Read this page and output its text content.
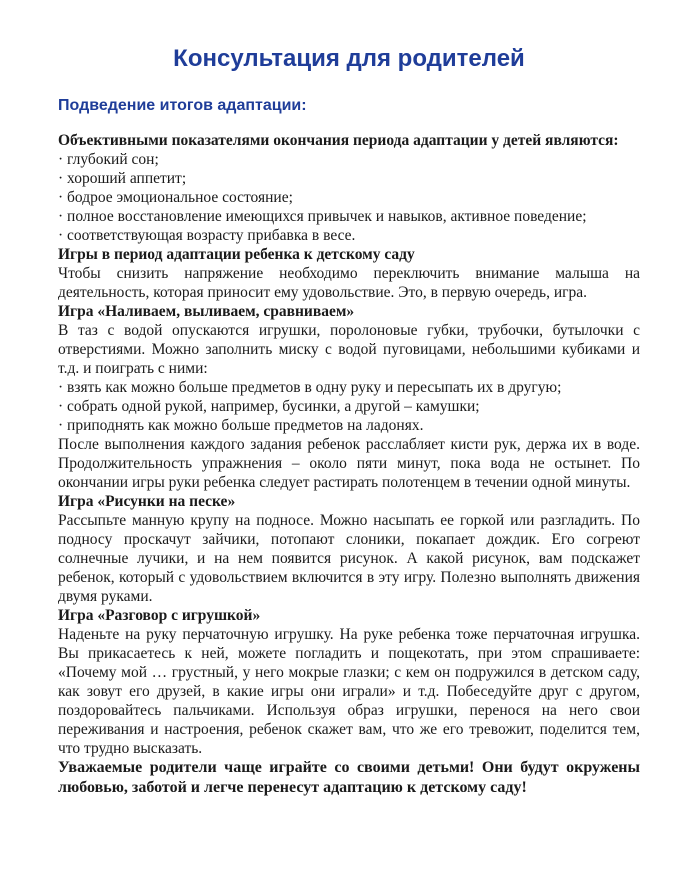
Консультация для родителей
Подведение итогов адаптации:

Объективными показателями окончания периода адаптации у детей являются:

· глубокий сон;
· хороший аппетит;
· бодрое эмоциональное состояние;
· полное восстановление имеющихся привычек и навыков, активное поведение;
· соответствующая возрасту прибавка в весе.

Игры в период адаптации ребенка к детскому саду

Чтобы снизить напряжение необходимо переключить внимание малыша на деятельность, которая приносит ему удовольствие. Это, в первую очередь, игра.

Игра «Наливаем, выливаем, сравниваем»

В таз с водой опускаются игрушки, поролоновые губки, трубочки, бутылочки с отверстиями. Можно заполнить миску с водой пуговицами, небольшими кубиками и т.д. и поиграть с ними:

· взять как можно больше предметов в одну руку и пересыпать их в другую;
· собрать одной рукой, например, бусинки, а другой – камушки;
· приподнять как можно больше предметов на ладонях.

После выполнения каждого задания ребенок расслабляет кисти рук, держа их в воде. Продолжительность упражнения – около пяти минут, пока вода не остынет. По окончании игры руки ребенка следует растирать полотенцем в течении одной минуты.

Игра «Рисунки на песке»

Рассыпьте манную крупу на подносе. Можно насыпать ее горкой или разгладить. По подносу проскачут зайчики, потопают слоники, покапает дождик. Его согреют солнечные лучики, и на нем появится рисунок. А какой рисунок, вам подскажет ребенок, который с удовольствием включится в эту игру. Полезно выполнять движения двумя руками.

Игра «Разговор с игрушкой»

Наденьте на руку перчаточную игрушку. На руке ребенка тоже перчаточная игрушка. Вы прикасаетесь к ней, можете погладить и пощекотать, при этом спрашиваете: «Почему мой … грустный, у него мокрые глазки; с кем он подружился в детском саду, как зовут его друзей, в какие игры они играли» и т.д. Побеседуйте друг с другом, поздоровайтесь пальчиками. Используя образ игрушки, перенося на него свои переживания и настроения, ребенок скажет вам, что же его тревожит, поделится тем, что трудно высказать.

Уважаемые родители чаще играйте со своими детьми! Они будут окружены любовью, заботой и легче перенесут адаптацию к детскому саду!
